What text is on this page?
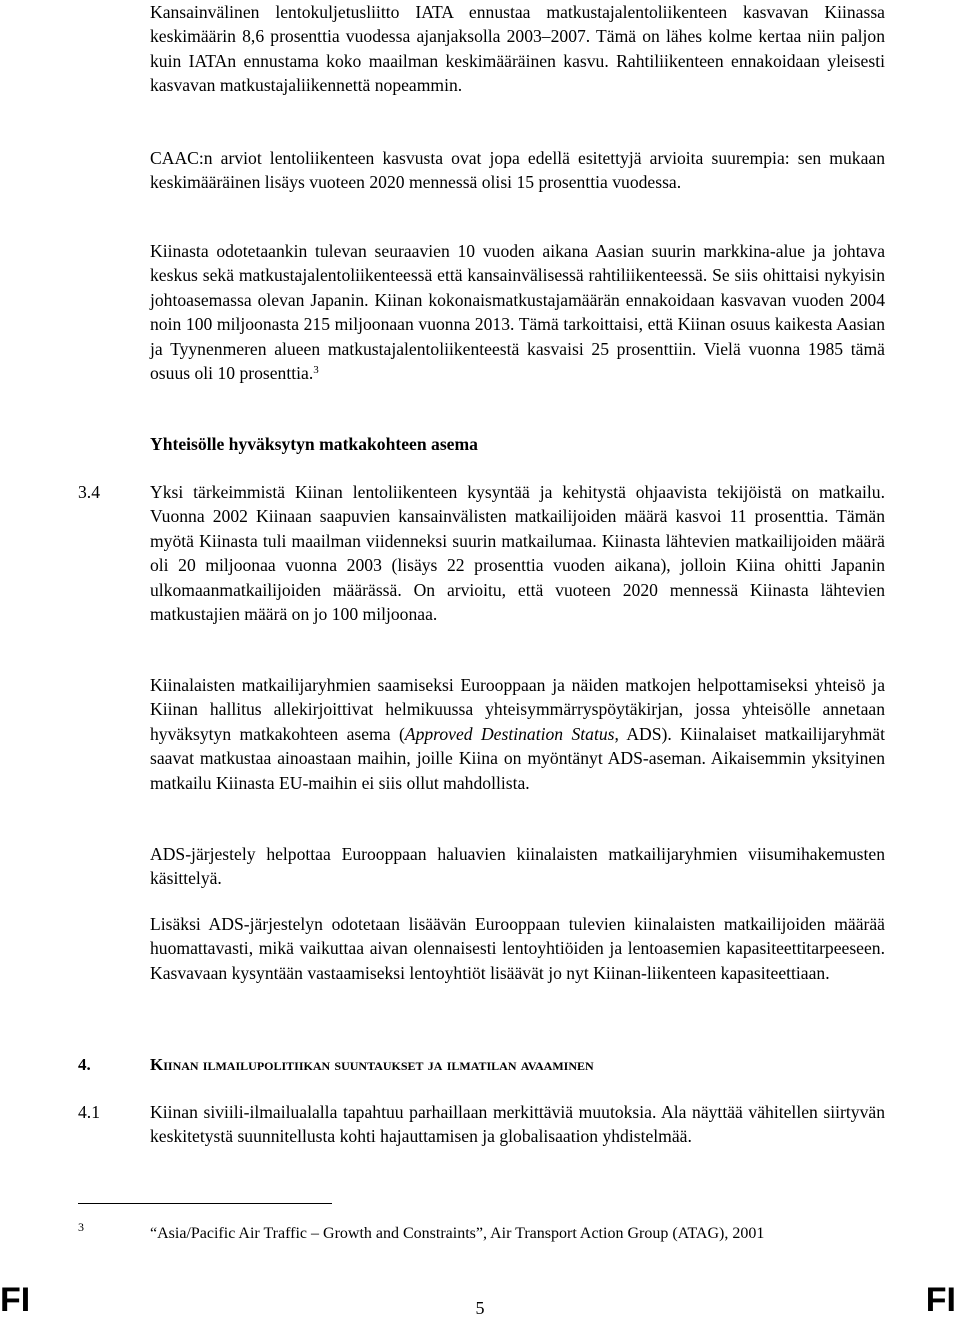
Kansainvälinen lentokuljetusliitto IATA ennustaa matkustajalentoliikenteen kasvavan Kiinassa keskimäärin 8,6 prosenttia vuodessa ajanjaksolla 2003–2007. Tämä on lähes kolme kertaa niin paljon kuin IATAn ennustama koko maailman keskimääräinen kasvu. Rahtiliikenteen ennakoidaan yleisesti kasvavan matkustajaliikennettä nopeammin.

CAAC:n arviot lentoliikenteen kasvusta ovat jopa edellä esitettyjä arvioita suurempia: sen mukaan keskimääräinen lisäys vuoteen 2020 mennessä olisi 15 prosenttia vuodessa.

Kiinasta odotetaankin tulevan seuraavien 10 vuoden aikana Aasian suurin markkina-alue ja johtava keskus sekä matkustajalentoliikenteessä että kansainvälisessä rahtiliikenteessä. Se siis ohittaisi nykyisin johtoasemassa olevan Japanin. Kiinan kokonaismatkustajamäärän ennakoidaan kasvavan vuoden 2004 noin 100 miljoonasta 215 miljoonaan vuonna 2013. Tämä tarkoittaisi, että Kiinan osuus kaikesta Aasian ja Tyynenmeren alueen matkustajalentoliikenteestä kasvaisi 25 prosenttiin. Vielä vuonna 1985 tämä osuus oli 10 prosenttia.$^3$

Yhteisölle hyväksytyn matkakohteen asema
3.4	Yksi tärkeimmistä Kiinan lentoliikenteen kysyntää ja kehitystä ohjaavista tekijöistä on matkailu. Vuonna 2002 Kiinaan saapuvien kansainvälisten matkailijoiden määrä kasvoi 11 prosenttia. Tämän myötä Kiinasta tuli maailman viidenneksi suurin matkailumaa. Kiinasta lähtevien matkailijoiden määrä oli 20 miljoonaa vuonna 2003 (lisäys 22 prosenttia vuoden aikana), jolloin Kiina ohitti Japanin ulkomaanmatkailijoiden määrässä. On arvioitu, että vuoteen 2020 mennessä Kiinasta lähtevien matkustajien määrä on jo 100 miljoonaa.

Kiinalaisten matkailijaryhmien saamiseksi Eurooppaan ja näiden matkojen helpottamiseksi yhteisö ja Kiinan hallitus allekirjoittivat helmikuussa yhteisymmärryspöytäkirjan, jossa yhteisölle annetaan hyväksytyn matkakohteen asema (Approved Destination Status, ADS). Kiinalaiset matkailijaryhmät saavat matkustaa ainoastaan maihin, joille Kiina on myöntänyt ADS-aseman. Aikaisemmin yksityinen matkailu Kiinasta EU-maihin ei siis ollut mahdollista.

ADS-järjestely helpottaa Eurooppaan haluavien kiinalaisten matkailijaryhmien viisumihakemusten käsittelyä.

Lisäksi ADS-järjestelyn odotetaan lisäävän Eurooppaan tulevien kiinalaisten matkailijoiden määrää huomattavasti, mikä vaikuttaa aivan olennaisesti lentoyhtiöiden ja lentoasemien kapasiteettitarpeeseen. Kasvavaan kysyntään vastaamiseksi lentoyhtiöt lisäävät jo nyt Kiinan-liikenteen kapasiteettiaan.

4.	Kiinan ilmailupolitiikan suuntaukset ja ilmatilan avaaminen
4.1	Kiinan siviili-ilmailualalla tapahtuu parhaillaan merkittäviä muutoksia. Ala näyttää vähitellen siirtyvän keskitetystä suunnitellusta kohti hajauttamisen ja globalisaation yhdistelmää.

3	“Asia/Pacific Air Traffic – Growth and Constraints”, Air Transport Action Group (ATAG), 2001
FI	5	FI
